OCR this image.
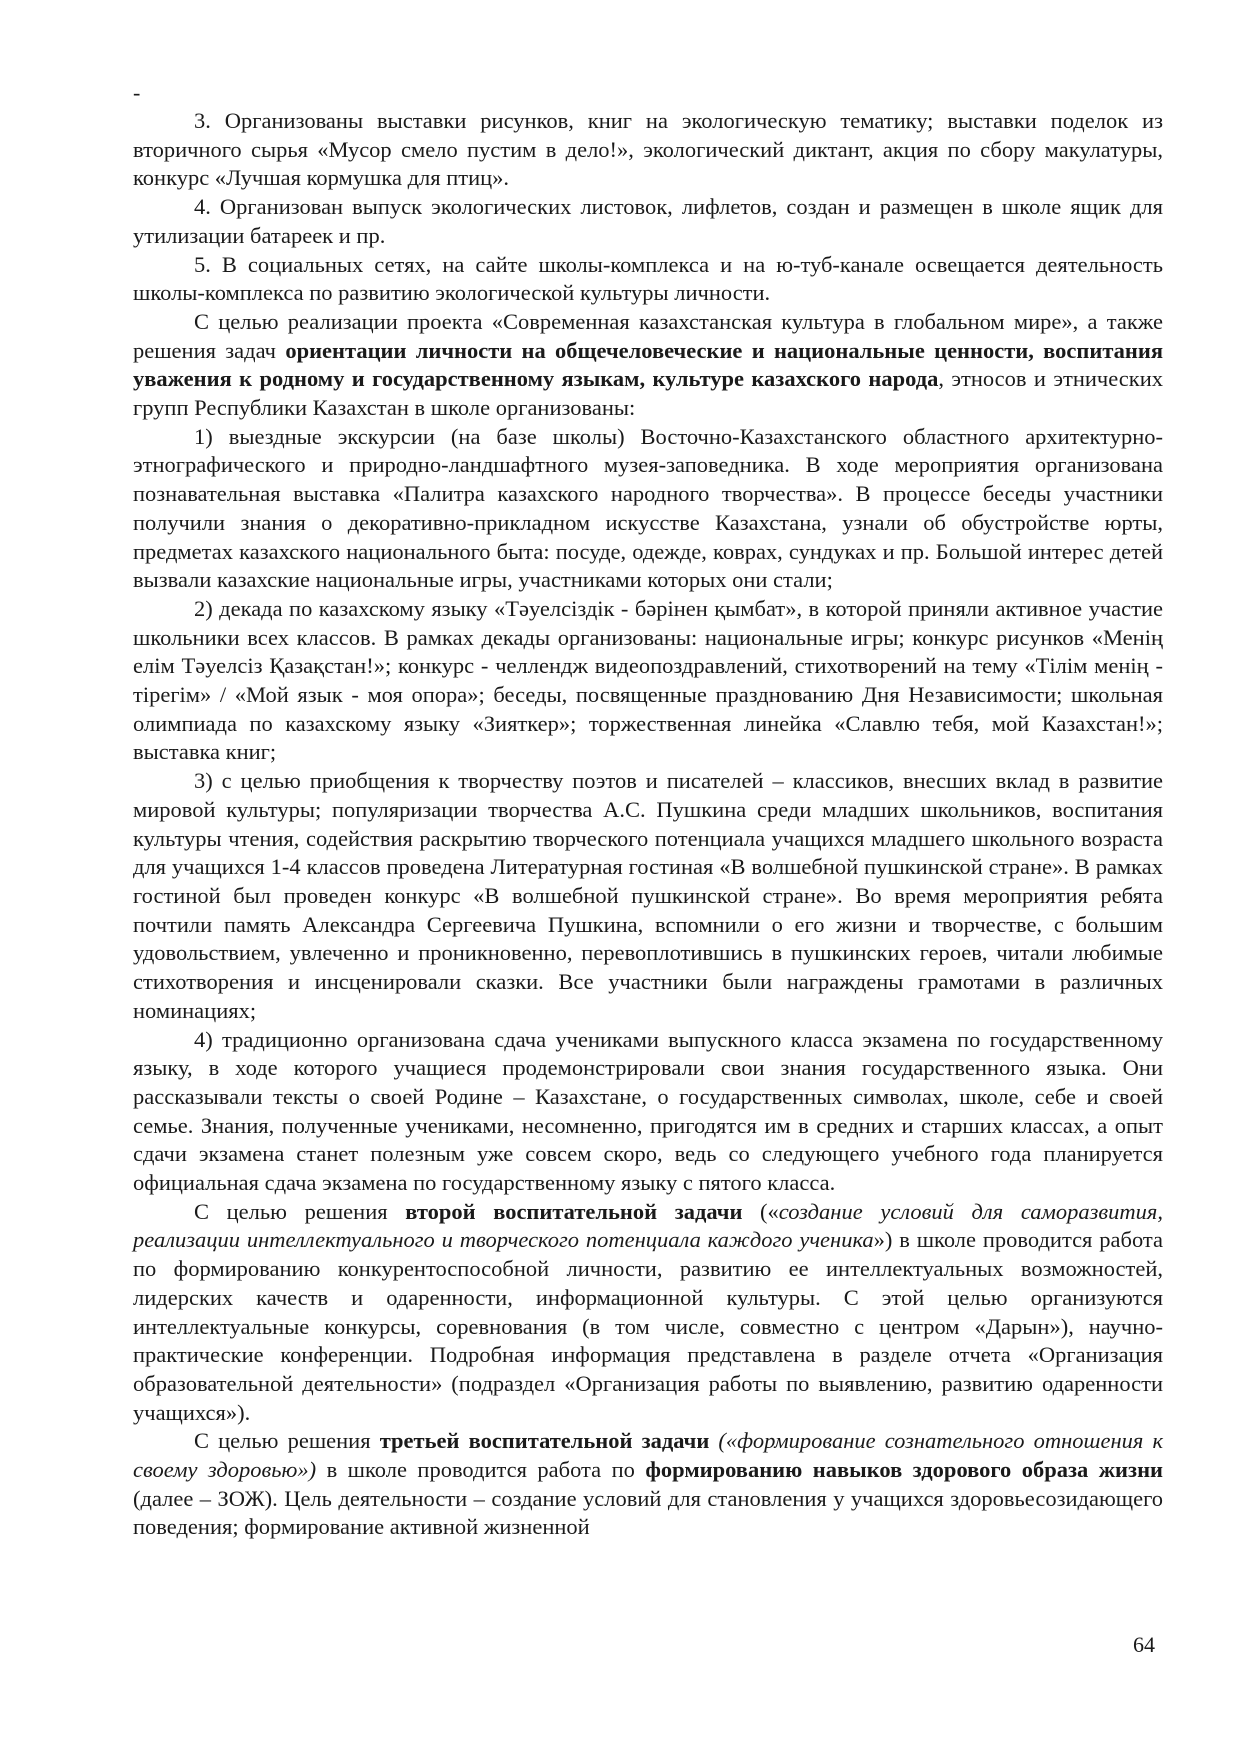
-

3. Организованы выставки рисунков, книг на экологическую тематику; выставки поделок из вторичного сырья «Мусор смело пустим в дело!», экологический диктант, акция по сбору макулатуры, конкурс «Лучшая кормушка для птиц».

4. Организован выпуск экологических листовок, лифлетов, создан и размещен в школе ящик для утилизации батареек и пр.

5. В социальных сетях, на сайте школы-комплекса и на ю-туб-канале освещается деятельность школы-комплекса по развитию экологической культуры личности.

С целью реализации проекта «Современная казахстанская культура в глобальном мире», а также решения задач ориентации личности на общечеловеческие и национальные ценности, воспитания уважения к родному и государственному языкам, культуре казахского народа, этносов и этнических групп Республики Казахстан в школе организованы:

1) выездные экскурсии (на базе школы) Восточно-Казахстанского областного архитектурно-этнографического и природно-ландшафтного музея-заповедника. В ходе мероприятия организована познавательная выставка «Палитра казахского народного творчества». В процессе беседы участники получили знания о декоративно-прикладном искусстве Казахстана, узнали об обустройстве юрты, предметах казахского национального быта: посуде, одежде, коврах, сундуках и пр. Большой интерес детей вызвали казахские национальные игры, участниками которых они стали;

2) декада по казахскому языку «Тәуелсіздік - бәрінен қымбат», в которой приняли активное участие школьники всех классов. В рамках декады организованы: национальные игры; конкурс рисунков «Менің елім Тәуелсіз Қазақстан!»; конкурс - челлендж видеопоздравлений, стихотворений на тему «Тілім менің - тірегім» / «Мой язык - моя опора»; беседы, посвященные празднованию Дня Независимости; школьная олимпиада по казахскому языку «Зияткер»; торжественная линейка «Славлю тебя, мой Казахстан!»; выставка книг;

3) с целью приобщения к творчеству поэтов и писателей – классиков, внесших вклад в развитие мировой культуры; популяризации творчества А.С. Пушкина среди младших школьников, воспитания культуры чтения, содействия раскрытию творческого потенциала учащихся младшего школьного возраста для учащихся 1-4 классов проведена Литературная гостиная «В волшебной пушкинской стране». В рамках гостиной был проведен конкурс «В волшебной пушкинской стране». Во время мероприятия ребята почтили память Александра Сергеевича Пушкина, вспомнили о его жизни и творчестве, с большим удовольствием, увлеченно и проникновенно, перевоплотившись в пушкинских героев, читали любимые стихотворения и инсценировали сказки. Все участники были награждены грамотами в различных номинациях;

4) традиционно организована сдача учениками выпускного класса экзамена по государственному языку, в ходе которого учащиеся продемонстрировали свои знания государственного языка. Они рассказывали тексты о своей Родине – Казахстане, о государственных символах, школе, себе и своей семье. Знания, полученные учениками, несомненно, пригодятся им в средних и старших классах, а опыт сдачи экзамена станет полезным уже совсем скоро, ведь со следующего учебного года планируется официальная сдача экзамена по государственному языку с пятого класса.

С целью решения второй воспитательной задачи («создание условий для саморазвития, реализации интеллектуального и творческого потенциала каждого ученика») в школе проводится работа по формированию конкурентоспособной личности, развитию ее интеллектуальных возможностей, лидерских качеств и одаренности, информационной культуры. С этой целью организуются интеллектуальные конкурсы, соревнования (в том числе, совместно с центром «Дарын»), научно-практические конференции. Подробная информация представлена в разделе отчета «Организация образовательной деятельности» (подраздел «Организация работы по выявлению, развитию одаренности учащихся»).

С целью решения третьей воспитательной задачи («формирование сознательного отношения к своему здоровью») в школе проводится работа по формированию навыков здорового образа жизни (далее – ЗОЖ). Цель деятельности – создание условий для становления у учащихся здоровьесозидающего поведения; формирование активной жизненной

64
